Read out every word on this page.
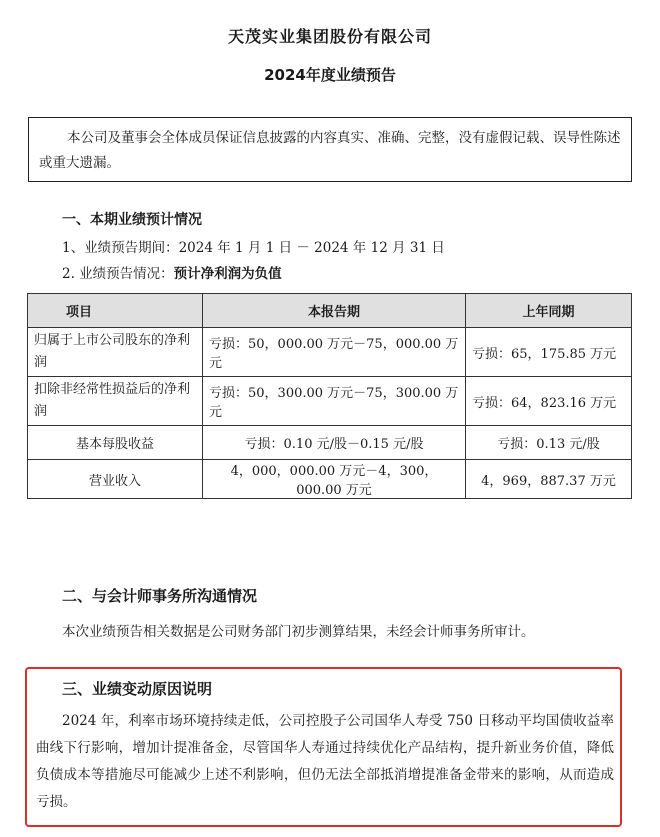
天茂实业集团股份有限公司
2024年度业绩预告
本公司及董事会全体成员保证信息披露的内容真实、准确、完整，没有虚假记载、误导性陈述或重大遗漏。
一、本期业绩预计情况
1、业绩预告期间：2024 年 1 月 1 日 － 2024 年 12 月 31 日
2. 业绩预告情况：预计净利润为负值
项目	本报告期	上年同期
归属于上市公司股东的净利润	亏损：50，000.00 万元－75，000.00 万元	亏损：65，175.85 万元
扣除非经常性损益后的净利润	亏损：50，300.00 万元－75，300.00 万元	亏损：64，823.16 万元
基本每股收益	亏损：0.10 元/股－0.15 元/股	亏损：0.13 元/股
营业收入	4，000，000.00 万元－4，300，000.00 万元	4，969，887.37 万元
二、与会计师事务所沟通情况
本次业绩预告相关数据是公司财务部门初步测算结果，未经会计师事务所审计。
三、业绩变动原因说明
2024 年，利率市场环境持续走低，公司控股子公司国华人寿受 750 日移动平均国债收益率曲线下行影响，增加计提准备金，尽管国华人寿通过持续优化产品结构，提升新业务价值，降低负债成本等措施尽可能减少上述不利影响，但仍无法全部抵消增提准备金带来的影响，从而造成亏损。
